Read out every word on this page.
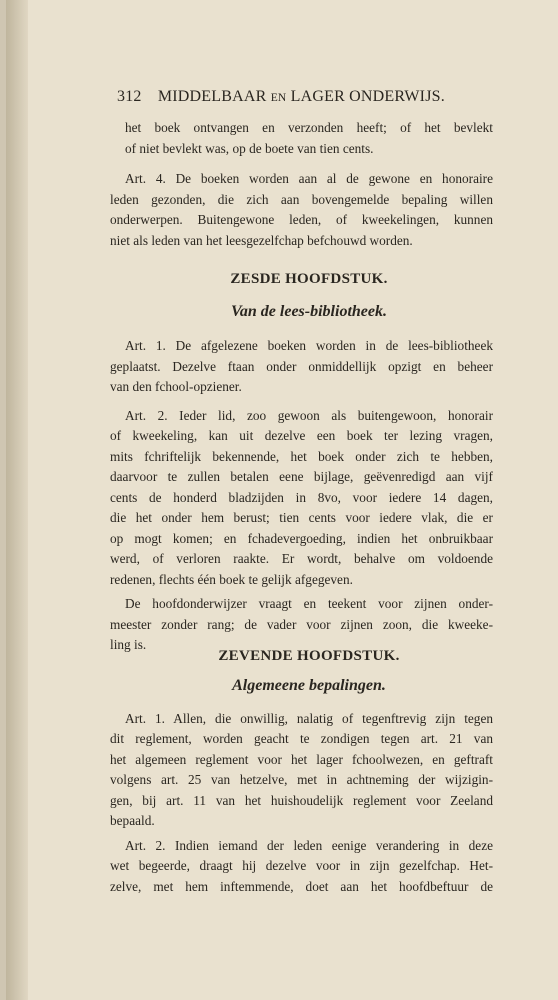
312 MIDDELBAAR EN LAGER ONDERWIJS.

het boek ontvangen en verzonden heeft; of het bevlekt
of niet bevlekt was, op de boete van tien cents.

Art. 4. De boeken worden aan al de gewone en honoraire
leden gezonden, die zich aan bovengemelde bepaling willen
onderwerpen. Buitengewone leden, of kweekelingen, kunnen
niet als leden van het leesgezelfchap befchouwd worden.

ZESDE HOOFDSTUK.
Van de lees-bibliotheek.

Art. 1. De afgelezene boeken worden in de lees-bibliotheek
geplaatst. Dezelve ftaan onder onmiddellijk opzigt en beheer
van den fchool-opziener.

Art. 2. Ieder lid, zoo gewoon als buitengewoon, honorair
of kweekeling, kan uit dezelve een boek ter lezing vragen,
mits fchriftelijk bekennende, het boek onder zich te hebben,
daarvoor te zullen betalen eene bijlage, geëvenredigd aan vijf
cents de honderd bladzijden in 8vo, voor iedere 14 dagen,
die het onder hem berust; tien cents voor iedere vlak, die er
op mogt komen; en fchadevergoeding, indien het onbruikbaar
werd, of verloren raakte. Er wordt, behalve om voldoende
redenen, flechts één boek te gelijk afgegeven.

De hoofdonderwijzer vraagt en teekent voor zijnen onder-
meester zonder rang; de vader voor zijnen zoon, die kweeke-
ling is.

ZEVENDE HOOFDSTUK.
Algemeene bepalingen.

Art. 1. Allen, die onwillig, nalatig of tegenftrevig zijn tegen
dit reglement, worden geacht te zondigen tegen art. 21 van
het algemeen reglement voor het lager fchoolwezen, en geftraft
volgens art. 25 van hetzelve, met in achtneming der wijzigin-
gen, bij art. 11 van het huishoudelijk reglement voor Zeeland
bepaald.

Art. 2. Indien iemand der leden eenige verandering in deze
wet begeerde, draagt hij dezelve voor in zijn gezelfchap. Het-
zelve, met hem inftemmende, doet aan het hoofdbeftuur de
